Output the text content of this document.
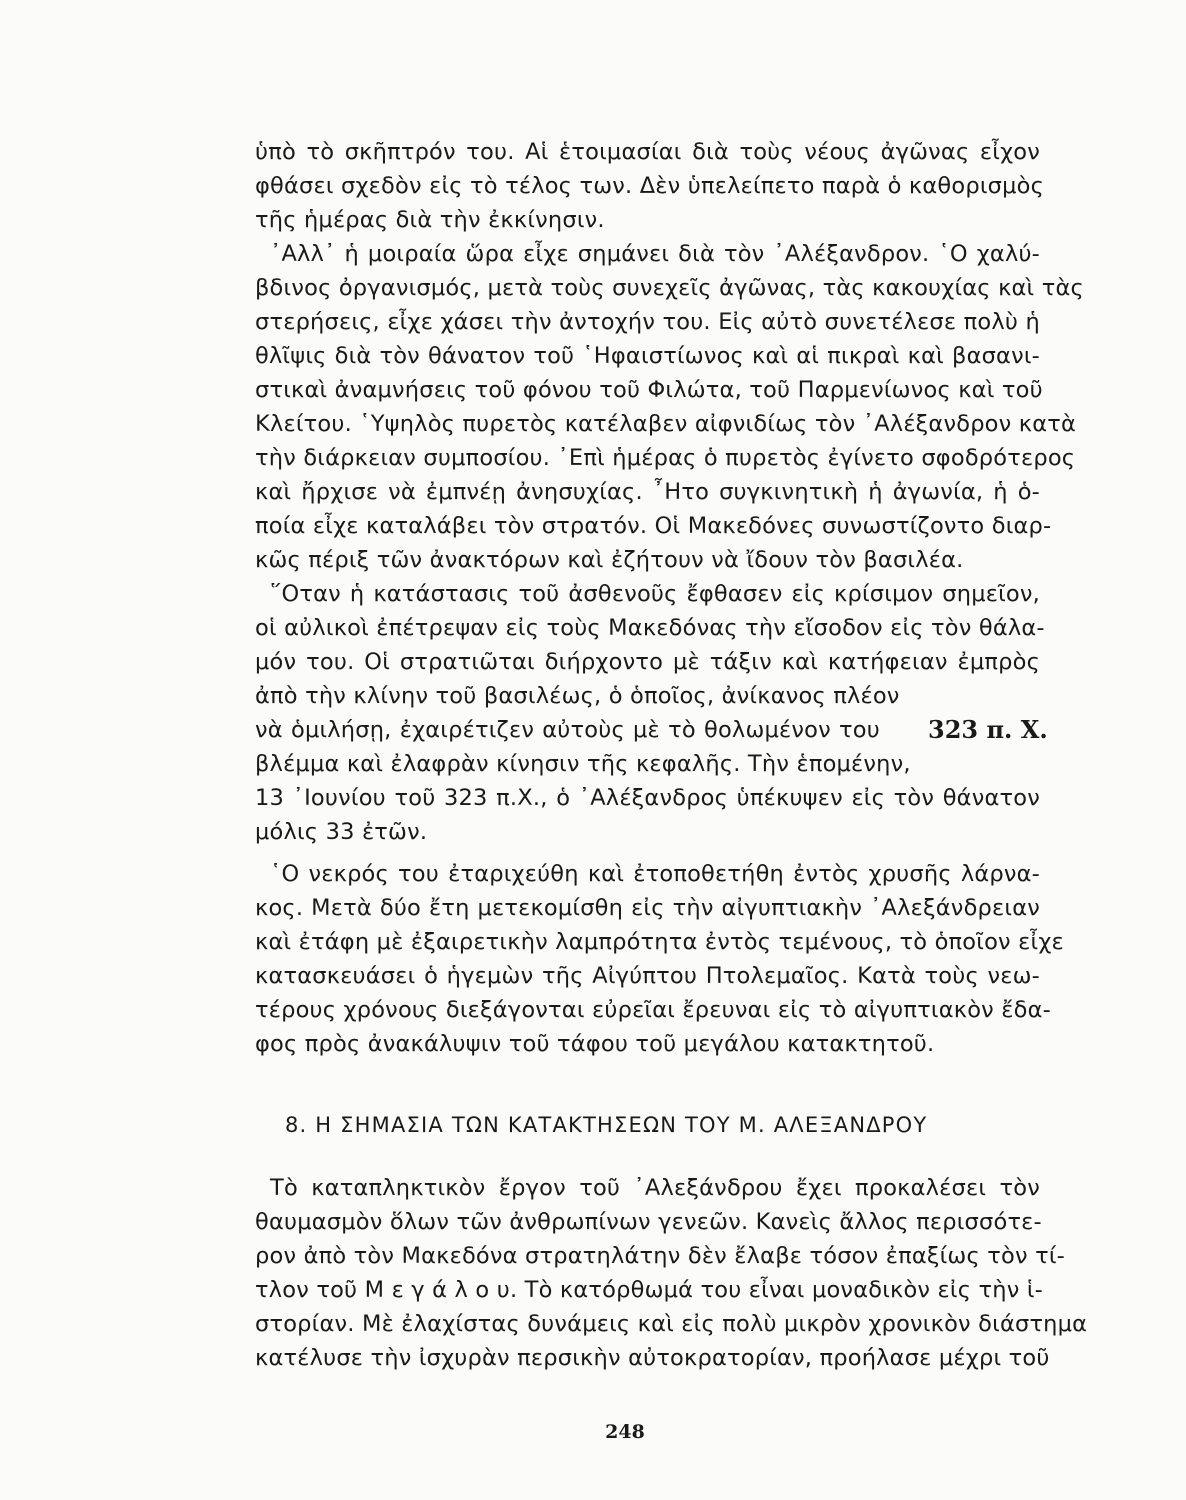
ὑπὸ τὸ σκῆπτρόν του. Αἱ ἑτοιμασίαι διὰ τοὺς νέους ἀγῶνας εἶχον
φθάσει σχεδὸν εἰς τὸ τέλος των. Δὲν ὑπελείπετο παρὰ ὁ καθορισμὸς
τῆς ἡμέρας διὰ τὴν ἐκκίνησιν.
᾿Αλλ᾿ ἡ μοιραία ὥρα εἶχε σημάνει διὰ τὸν ᾿Αλέξανδρον. ῾Ο χαλύ-
βδινος ὀργανισμός, μετὰ τοὺς συνεχεῖς ἀγῶνας, τὰς κακουχίας καὶ τὰς
στερήσεις, εἶχε χάσει τὴν ἀντοχήν του. Εἰς αὐτὸ συνετέλεσε πολὺ ἡ
θλῖψις διὰ τὸν θάνατον τοῦ ῾Ηφαιστίωνος καὶ αἱ πικραὶ καὶ βασανι-
στικαὶ ἀναμνήσεις τοῦ φόνου τοῦ Φιλώτα, τοῦ Παρμενίωνος καὶ τοῦ
Κλείτου. ῾Υψηλὸς πυρετὸς κατέλαβεν αἰφνιδίως τὸν ᾿Αλέξανδρον κατὰ
τὴν διάρκειαν συμποσίου. ᾿Επὶ ἡμέρας ὁ πυρετὸς ἐγίνετο σφοδρότερος
καὶ ἤρχισε νὰ ἐμπνέῃ ἀνησυχίας. ῏Ητο συγκινητικὴ ἡ ἀγωνία, ἡ ὁ-
ποία εἶχε καταλάβει τὸν στρατόν. Οἱ Μακεδόνες συνωστίζοντο διαρ-
κῶς πέριξ τῶν ἀνακτόρων καὶ ἐζήτουν νὰ ἴδουν τὸν βασιλέα.
῞Οταν ἡ κατάστασις τοῦ ἀσθενοῦς ἔφθασεν εἰς κρίσιμον σημεῖον,
οἱ αὐλικοὶ ἐπέτρεψαν εἰς τοὺς Μακεδόνας τὴν εἴσοδον εἰς τὸν θάλα-
μόν του. Οἱ στρατιῶται διήρχοντο μὲ τάξιν καὶ κατήφειαν ἐμπρὸς
ἀπὸ τὴν κλίνην τοῦ βασιλέως, ὁ ὁποῖος, ἀνίκανος πλέον
νὰ ὁμιλήσῃ, ἐχαιρέτιζεν αὐτοὺς μὲ τὸ θολωμένον του 323 π. Χ.
βλέμμα καὶ ἐλαφρὰν κίνησιν τῆς κεφαλῆς. Τὴν ἑπομένην,
13 ᾿Ιουνίου τοῦ 323 π.Χ., ὁ ᾿Αλέξανδρος ὑπέκυψεν εἰς τὸν θάνατον
μόλις 33 ἐτῶν.
῾Ο νεκρός του ἐταριχεύθη καὶ ἐτοποθετήθη ἐντὸς χρυσῆς λάρνα-
κος. Μετὰ δύο ἔτη μετεκομίσθη εἰς τὴν αἰγυπτιακὴν ᾿Αλεξάνδρειαν
καὶ ἐτάφη μὲ ἐξαιρετικὴν λαμπρότητα ἐντὸς τεμένους, τὸ ὁποῖον εἶχε
κατασκευάσει ὁ ἡγεμὼν τῆς Αἰγύπτου Πτολεμαῖος. Κατὰ τοὺς νεω-
τέρους χρόνους διεξάγονται εὐρεῖαι ἔρευναι εἰς τὸ αἰγυπτιακὸν ἔδα-
φος πρὸς ἀνακάλυψιν τοῦ τάφου τοῦ μεγάλου κατακτητοῦ.
8. Η ΣΗΜΑΣΙΑ ΤΩΝ ΚΑΤΑΚΤΗΣΕΩΝ ΤΟΥ Μ. ΑΛΕΞΑΝΔΡΟΥ
Τὸ καταπληκτικὸν ἔργον τοῦ ᾿Αλεξάνδρου ἔχει προκαλέσει τὸν
θαυμασμὸν ὅλων τῶν ἀνθρωπίνων γενεῶν. Κανεὶς ἄλλος περισσότε-
ρον ἀπὸ τὸν Μακεδόνα στρατηλάτην δὲν ἔλαβε τόσον ἐπαξίως τὸν τί-
τλον τοῦ Μ ε γ ά λ ο υ. Τὸ κατόρθωμά του εἶναι μοναδικὸν εἰς τὴν ἱ-
στορίαν. Μὲ ἐλαχίστας δυνάμεις καὶ εἰς πολὺ μικρὸν χρονικὸν διάστημα
κατέλυσε τὴν ἰσχυρὰν περσικὴν αὐτοκρατορίαν, προήλασε μέχρι τοῦ
248
